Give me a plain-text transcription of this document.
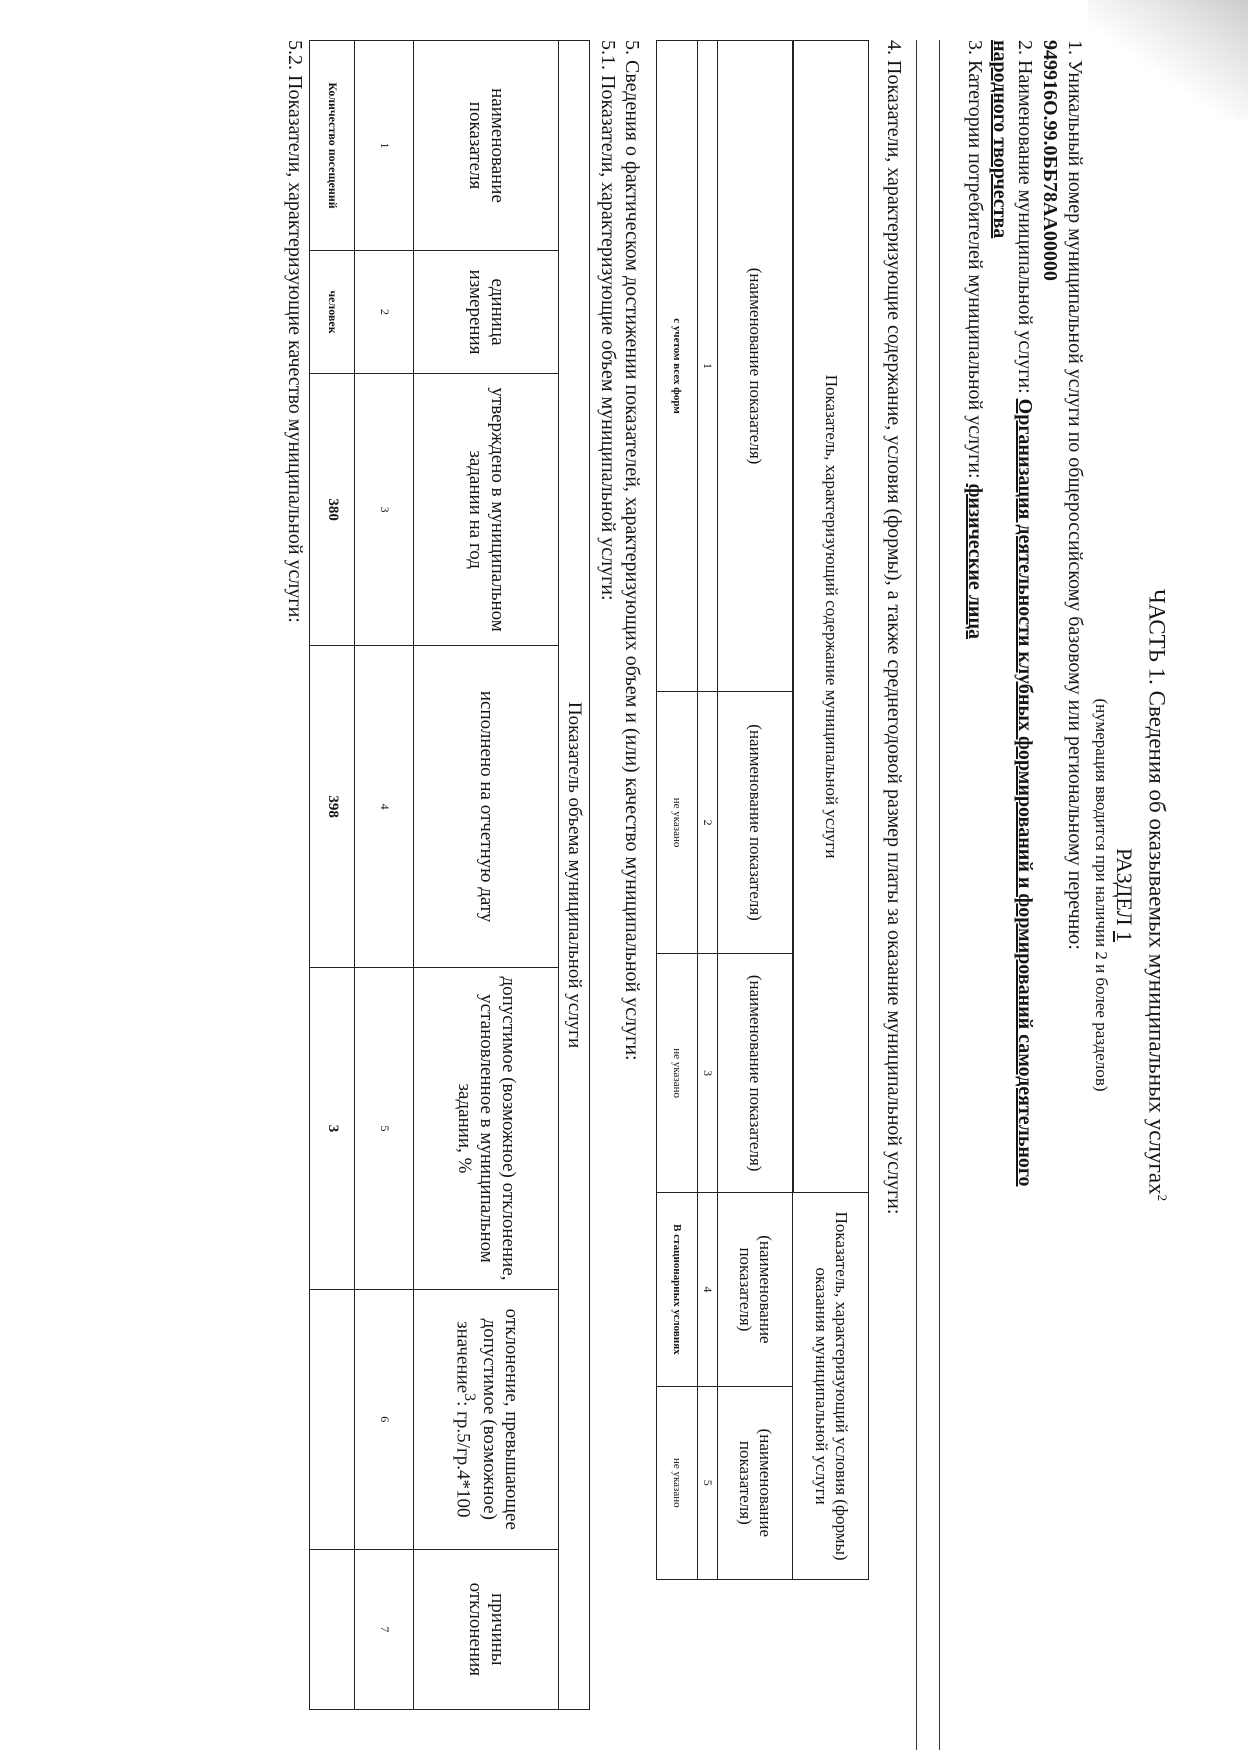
ЧАСТЬ 1. Сведения об оказываемых муниципальных услугах$^2$
РАЗДЕЛ 1
(нумерация вводится при наличии 2 и более разделов)
1. Уникальный номер муниципальной услуги по общероссийскому базовому или региональному перечню:
949916О.99.0ББ78АА00000
2. Наименование муниципальной услуги: Организация деятельности клубных формирований и формирований самодеятельного
народного творчества
3. Категории потребителей муниципальной услуги: физические лица
4. Показатели, характеризующие содержание, условия (формы), а также среднегодовой размер платы за оказание муниципальной услуги:
Показатель, характеризующий содержание муниципальной услуги			Показатель, характеризующий условия (формы) оказания муниципальной услуги	

(наименование показателя)	(наименование показателя)	(наименование показателя)	(наименование показателя)	(наименование показателя)
1	2	3	4	5
с учетом всех форм	не указано	не указано	В стационарных условиях	не указано
5. Сведения о фактическом достижении показателей, характеризующих объем и (или) качество муниципальной услуги:
5.1. Показатели, характеризующие объем муниципальной услуги:
Показатель объема муниципальной услуги						
наименование показателя	единица измерения	утверждено в муниципальном задании на год	исполнено на отчетную дату	допустимое (возможное) отклонение, установленное в муниципальном задании, %	отклонение, превышающее допустимое (возможное) значение$^3$: гр.5/гр.4*100	причины отклонения
1	2	3	4	5	6	7
Количество посещений	человек	380	398	3		
5.2. Показатели, характеризующие качество муниципальной услуги:
